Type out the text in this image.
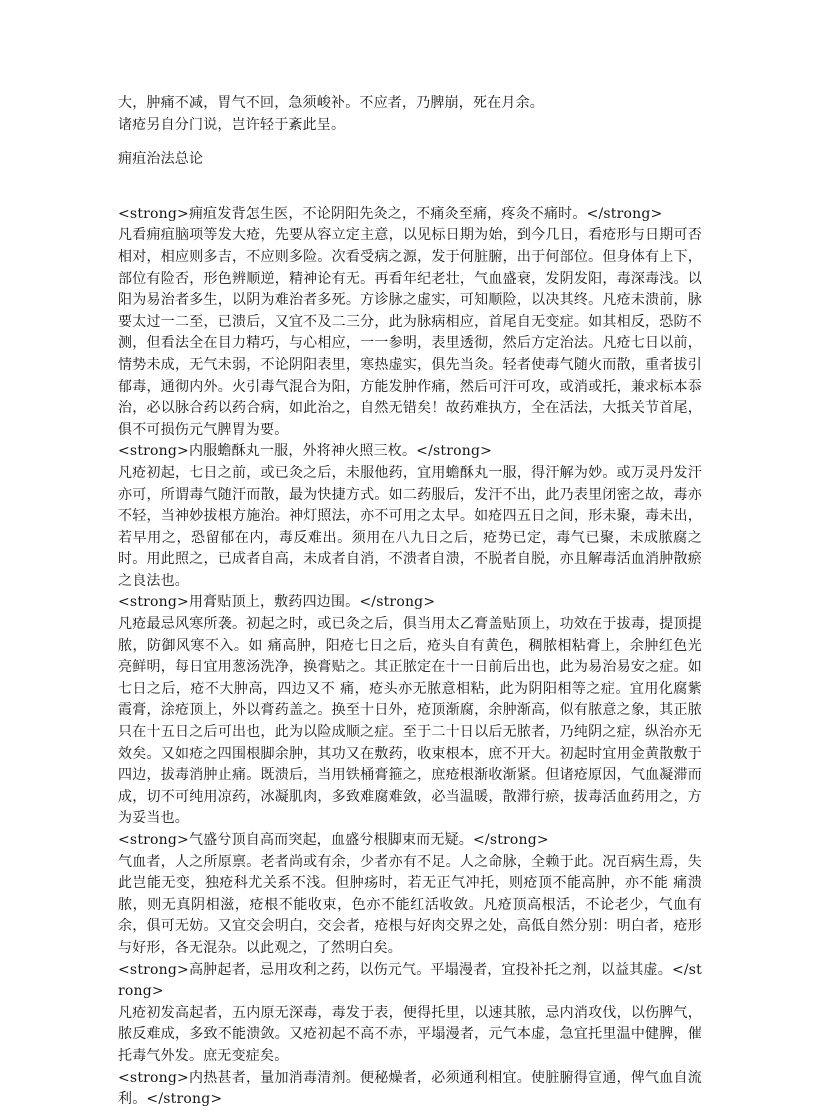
大，肿痛不减，胃气不回，急须峻补。不应者，乃脾崩，死在月余。

诸疮另自分门说，岂许轻于紊此呈。

痈疽治法总论

<strong>痈疽发背怎生医，不论阴阳先灸之，不痛灸至痛，疼灸不痛时。</strong>

凡看痈疽脑项等发大疮，先要从容立定主意，以见标日期为始，到今几日，看疮形与日期可否相对，相应则多吉，不应则多险。次看受病之源，发于何脏腑，出于何部位。但身体有上下，部位有险否，形色辨顺逆，精神论有无。再看年纪老壮，气血盛衰，发阴发阳，毒深毒浅。以阳为易治者多生，以阴为难治者多死。方诊脉之虚实，可知顺险，以决其终。凡疮未溃前，脉要太过一二至，已溃后，又宜不及二三分，此为脉病相应，首尾自无变症。如其相反，恐防不测，但看法全在目力精巧，与心相应，一一参明，表里透彻，然后方定治法。凡疮七日以前，情势未成，无气未弱，不论阴阳表里，寒热虚实，俱先当灸。轻者使毒气随火而散，重者拔引郁毒，通彻内外。火引毒气混合为阳，方能发肿作痛，然后可汗可攻，或消或托，兼求标本忝治，必以脉合药以药合病，如此治之，自然无错矣！故药难执方，全在活法，大抵关节首尾，俱不可损伤元气脾胃为要。

<strong>内服蟾酥丸一服，外将神火照三枚。</strong>

凡疮初起，七日之前，或已灸之后，未服他药，宜用蟾酥丸一服，得汗解为妙。或万灵丹发汗亦可，所谓毒气随汗而散，最为快捷方式。如二药服后，发汗不出，此乃表里闭密之故，毒亦不轻，当神妙拔根方施治。神灯照法，亦不可用之太早。如疮四五日之间，形未聚，毒未出，若早用之，恐留郁在内，毒反难出。须用在八九日之后，疮势已定，毒气已聚，未成脓腐之时。用此照之，已成者自高，未成者自消，不溃者自溃，不脱者自脱，亦且解毒活血消肿散瘀之良法也。

<strong>用膏贴顶上，敷药四边围。</strong>

凡疮最忌风寒所袭。初起之时，或已灸之后，俱当用太乙膏盖贴顶上，功效在于拔毒，提顶提脓，防御风寒不入。如 痛高肿，阳疮七日之后，疮头自有黄色，稠脓相粘膏上，余肿红色光亮鲜明，每日宜用葱汤洗净，换膏贴之。其正脓定在十一日前后出也，此为易治易安之症。如七日之后，疮不大肿高，四边又不 痛，疮头亦无脓意相粘，此为阴阳相等之症。宜用化腐紫霞膏，涂疮顶上，外以膏药盖之。换至十日外，疮顶渐腐，余肿渐高，似有脓意之象，其正脓只在十五日之后可出也，此为以险成顺之症。至于二十日以后无脓者，乃纯阴之症，纵治亦无效矣。又如疮之四围根脚余肿，其功又在敷药，收束根本，庶不开大。初起时宜用金黄散敷于四边，拔毒消肿止痛。既溃后，当用铁桶膏箍之，庶疮根渐收渐紧。但诸疮原因，气血凝滞而成，切不可纯用凉药，冰凝肌肉，多致难腐难敛，必当温暖，散滞行瘀，拔毒活血药用之，方为妥当也。

<strong>气盛兮顶自高而突起，血盛兮根脚束而无疑。</strong>

气血者，人之所原禀。老者尚或有余，少者亦有不足。人之命脉，全赖于此。况百病生焉，失此岂能无变，独疮科尤关系不浅。但肿疡时，若无正气冲托，则疮顶不能高肿，亦不能 痛溃脓，则无真阴相滋，疮根不能收束，色亦不能红活收敛。凡疮顶高根活，不论老少，气血有余，俱可无妨。又宜交会明白，交会者，疮根与好肉交界之处，高低自然分别：明白者，疮形与好形，各无混杂。以此观之，了然明白矣。

<strong>高肿起者，忌用攻利之药，以伤元气。平塌漫者，宜投补托之剂，以益其虚。</strong>

凡疮初发高起者，五内原无深毒，毒发于表，便得托里，以速其脓，忌内消攻伐，以伤脾气，脓反难成，多致不能溃敛。又疮初起不高不赤，平塌漫者，元气本虚，急宜托里温中健脾，催托毒气外发。庶无变症矣。

<strong>内热甚者，量加消毒清剂。便秘燥者，必须通利相宜。使脏腑得宣通，俾气血自流利。</strong>
